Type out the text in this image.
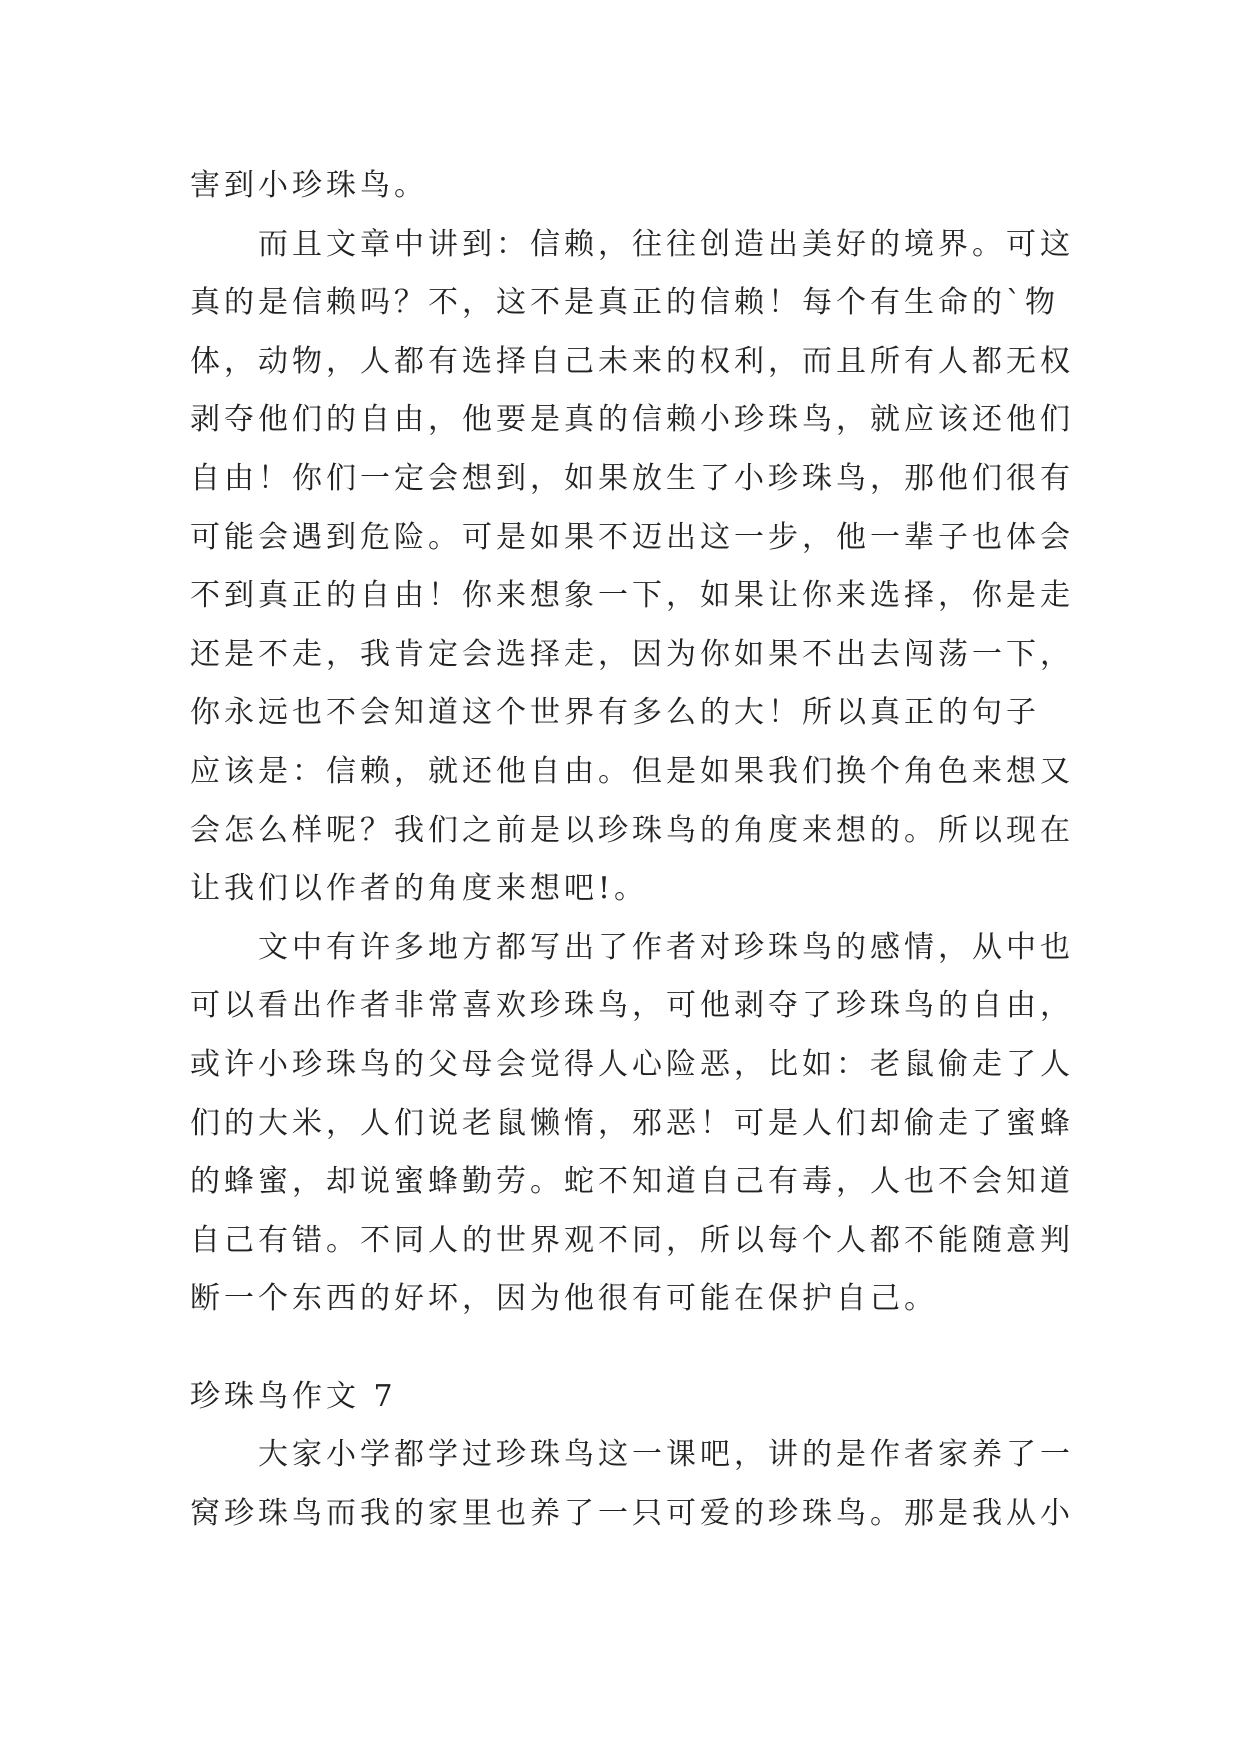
害到小珍珠鸟。
而且文章中讲到：信赖，往往创造出美好的境界。可这
真的是信赖吗？不，这不是真正的信赖！每个有生命的`物
体，动物，人都有选择自己未来的权利，而且所有人都无权
剥夺他们的自由，他要是真的信赖小珍珠鸟，就应该还他们
自由！你们一定会想到，如果放生了小珍珠鸟，那他们很有
可能会遇到危险。可是如果不迈出这一步，他一辈子也体会
不到真正的自由！你来想象一下，如果让你来选择，你是走
还是不走，我肯定会选择走，因为你如果不出去闯荡一下，
你永远也不会知道这个世界有多么的大！所以真正的句子
应该是：信赖，就还他自由。但是如果我们换个角色来想又
会怎么样呢？我们之前是以珍珠鸟的角度来想的。所以现在
让我们以作者的角度来想吧!。
文中有许多地方都写出了作者对珍珠鸟的感情，从中也
可以看出作者非常喜欢珍珠鸟，可他剥夺了珍珠鸟的自由，
或许小珍珠鸟的父母会觉得人心险恶，比如：老鼠偷走了人
们的大米，人们说老鼠懒惰，邪恶！可是人们却偷走了蜜蜂
的蜂蜜，却说蜜蜂勤劳。蛇不知道自己有毒，人也不会知道
自己有错。不同人的世界观不同，所以每个人都不能随意判
断一个东西的好坏，因为他很有可能在保护自己。
珍珠鸟作文 7
大家小学都学过珍珠鸟这一课吧，讲的是作者家养了一
窝珍珠鸟而我的家里也养了一只可爱的珍珠鸟。那是我从小
